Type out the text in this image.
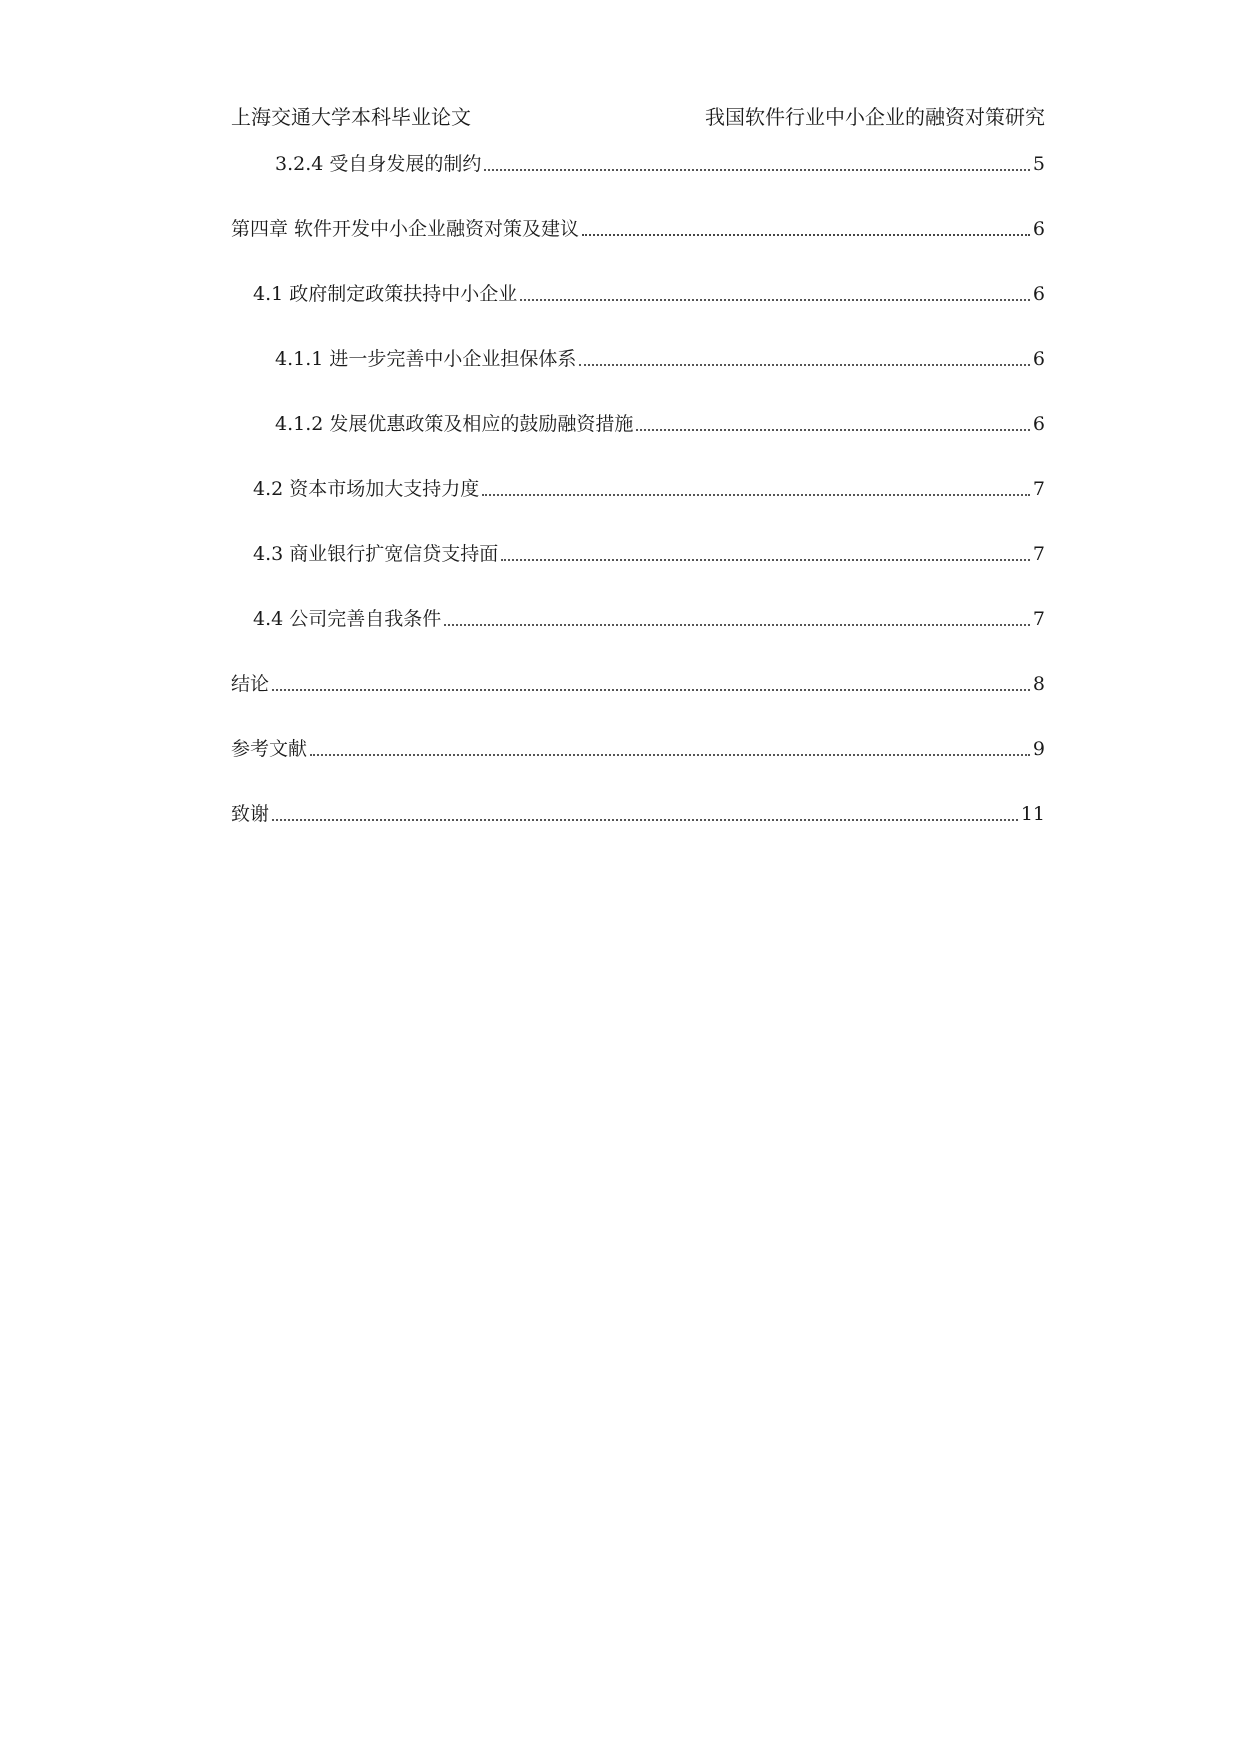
上海交通大学本科毕业论文	我国软件行业中小企业的融资对策研究
3.2.4 受自身发展的制约	5
第四章 软件开发中小企业融资对策及建议	6
4.1 政府制定政策扶持中小企业	6
4.1.1 进一步完善中小企业担保体系	6
4.1.2 发展优惠政策及相应的鼓励融资措施	6
4.2 资本市场加大支持力度	7
4.3 商业银行扩宽信贷支持面	7
4.4 公司完善自我条件	7
结论	8
参考文献	9
致谢	11
